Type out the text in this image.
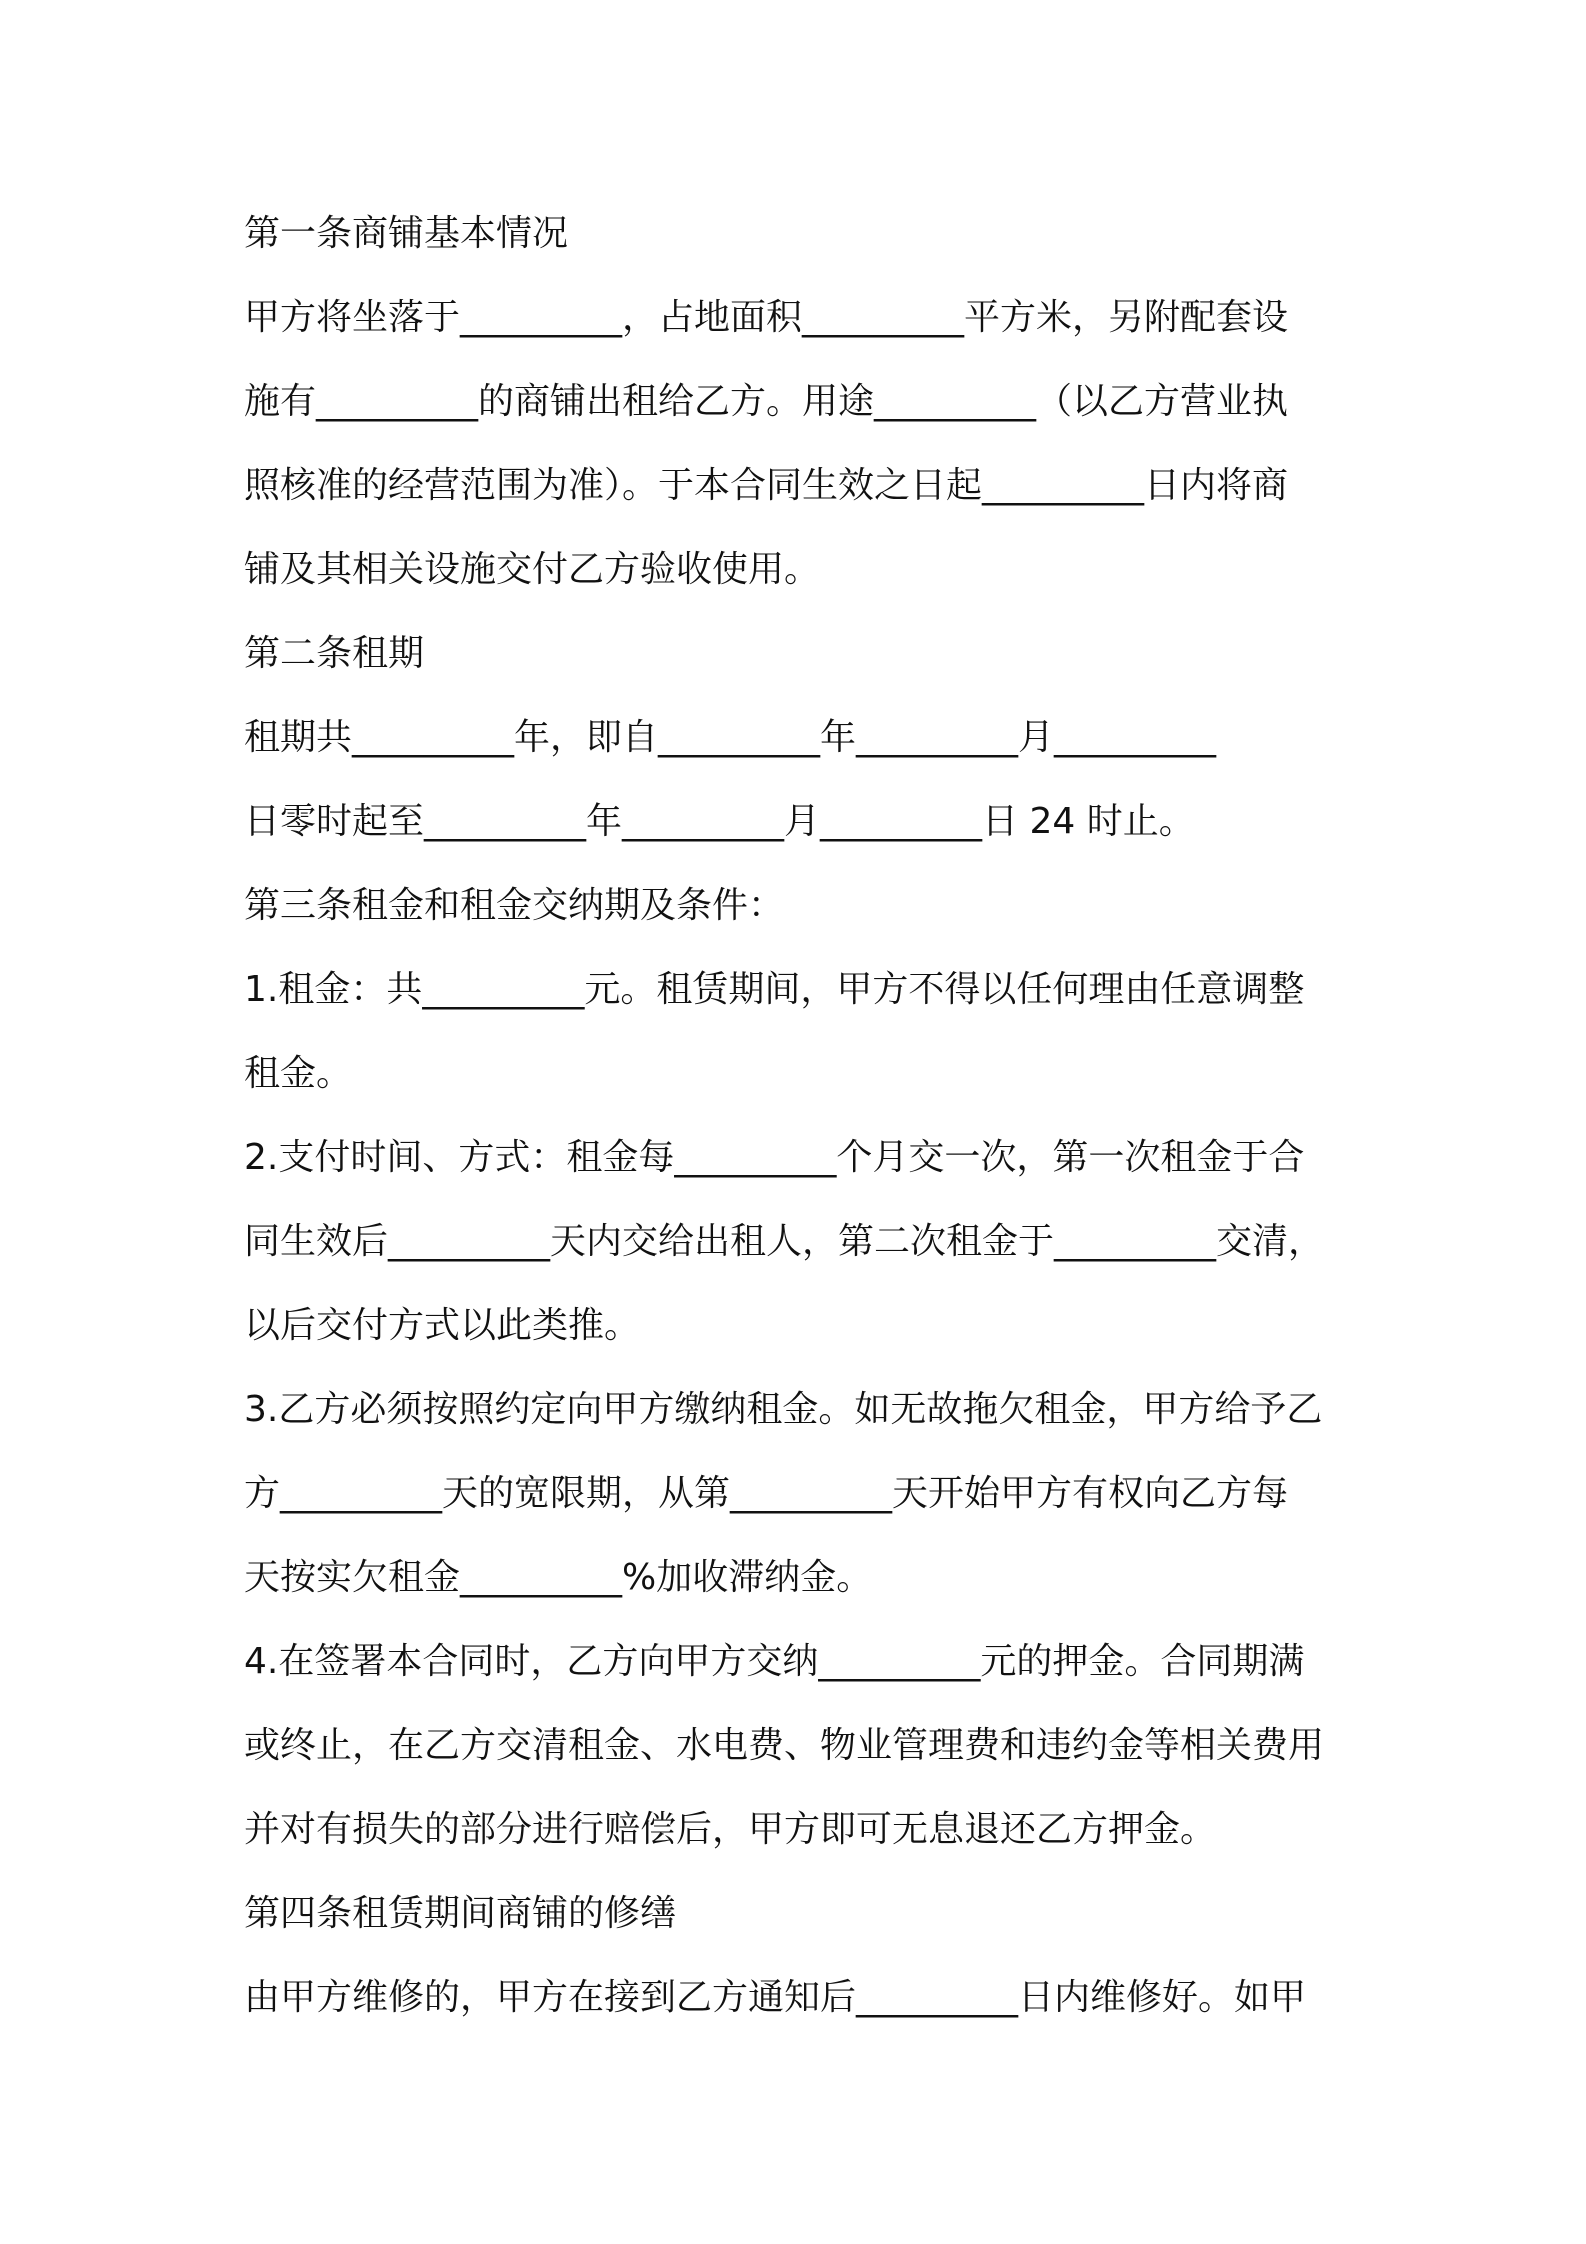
第一条商铺基本情况
甲方将坐落于_________，占地面积_________平方米，另附配套设
施有_________的商铺出租给乙方。用途_________（以乙方营业执
照核准的经营范围为准）。于本合同生效之日起_________日内将商
铺及其相关设施交付乙方验收使用。
第二条租期
租期共_________年，即自_________年_________月_________
日零时起至_________年_________月_________日 24 时止。
第三条租金和租金交纳期及条件：
1.租金：共_________元。租赁期间，甲方不得以任何理由任意调整
租金。
2.支付时间、方式：租金每_________个月交一次，第一次租金于合
同生效后_________天内交给出租人，第二次租金于_________交清，
以后交付方式以此类推。
3.乙方必须按照约定向甲方缴纳租金。如无故拖欠租金，甲方给予乙
方_________天的宽限期，从第_________天开始甲方有权向乙方每
天按实欠租金_________%加收滞纳金。
4.在签署本合同时，乙方向甲方交纳_________元的押金。合同期满
或终止，在乙方交清租金、水电费、物业管理费和违约金等相关费用
并对有损失的部分进行赔偿后，甲方即可无息退还乙方押金。
第四条租赁期间商铺的修缮
由甲方维修的，甲方在接到乙方通知后_________日内维修好。如甲
